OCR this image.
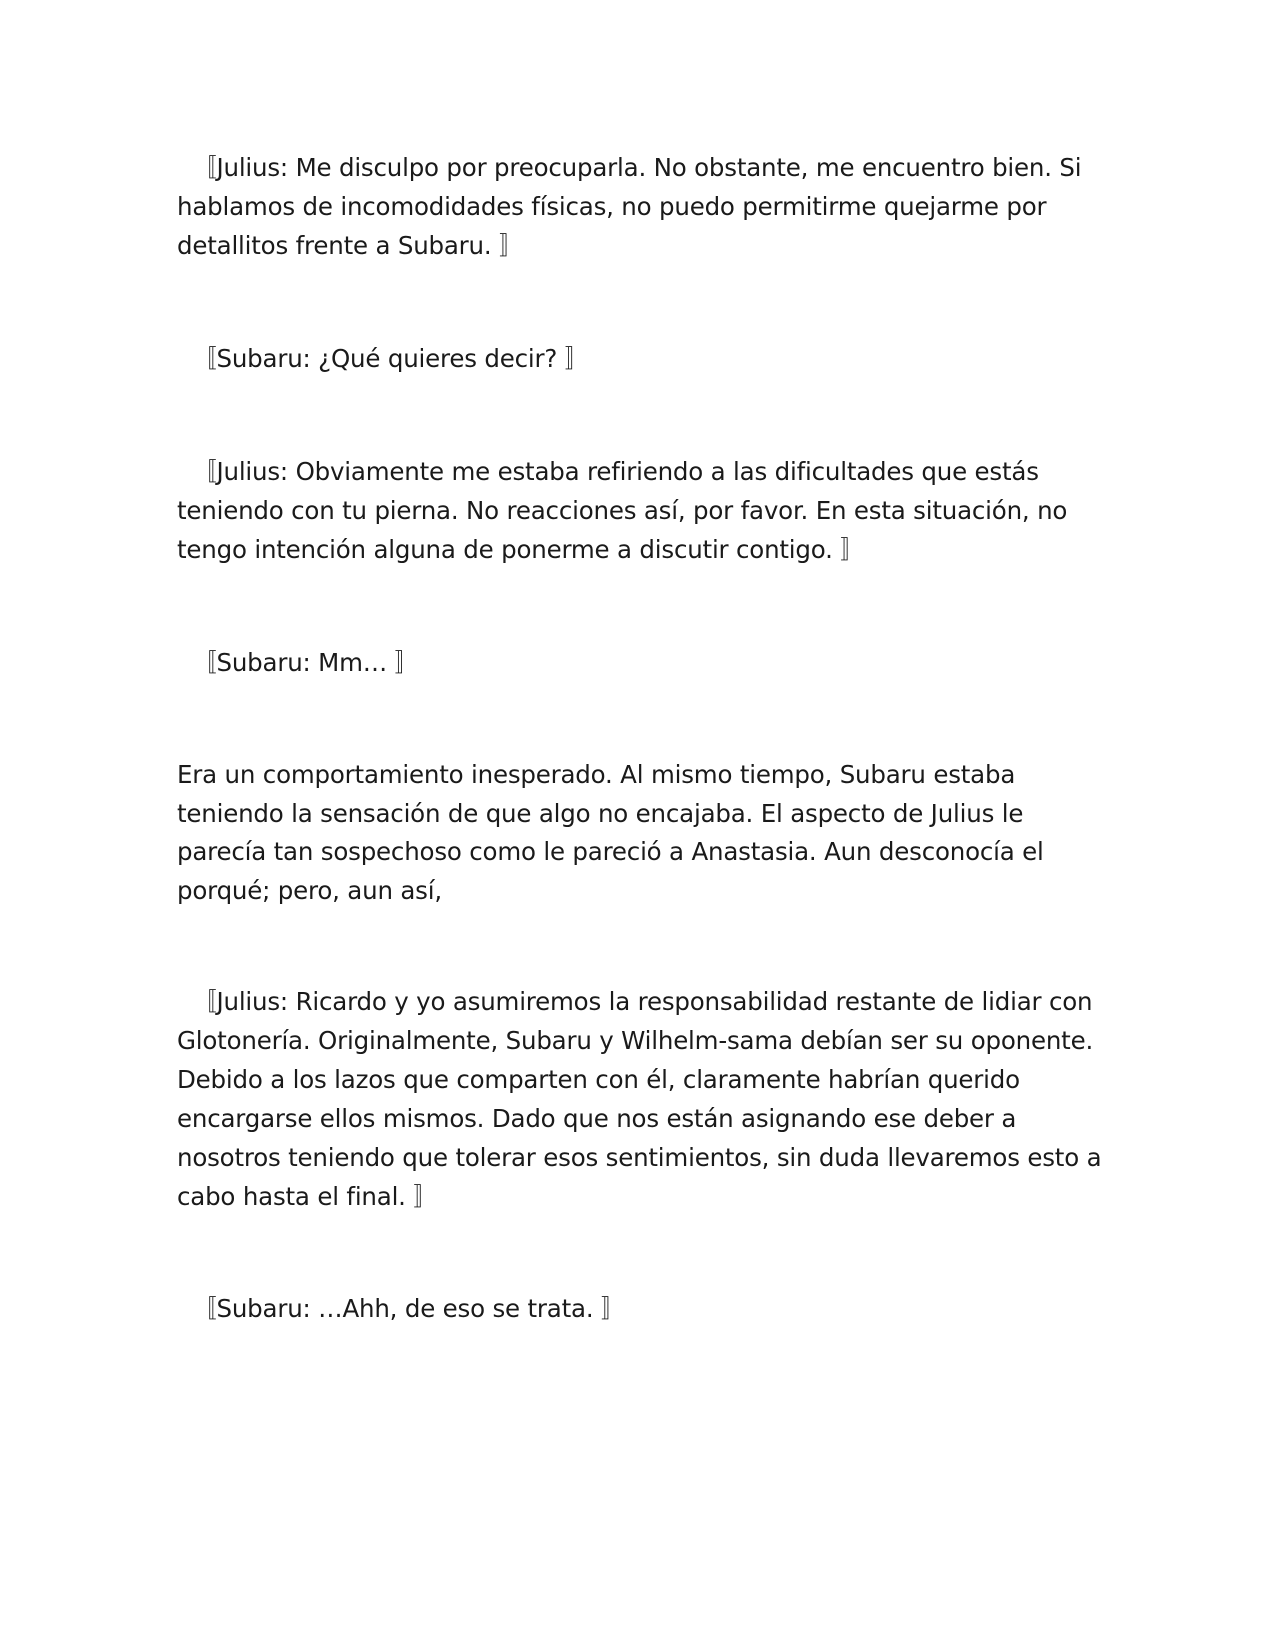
〚Julius: Me disculpo por preocuparla. No obstante, me encuentro bien. Si hablamos de incomodidades físicas, no puedo permitirme quejarme por detallitos frente a Subaru. 〛

〚Subaru: ¿Qué quieres decir? 〛

〚Julius: Obviamente me estaba refiriendo a las dificultades que estás teniendo con tu pierna. No reacciones así, por favor. En esta situación, no tengo intención alguna de ponerme a discutir contigo. 〛

〚Subaru: Mm… 〛

Era un comportamiento inesperado. Al mismo tiempo, Subaru estaba teniendo la sensación de que algo no encajaba. El aspecto de Julius le parecía tan sospechoso como le pareció a Anastasia. Aun desconocía el porqué; pero, aun así,

〚Julius: Ricardo y yo asumiremos la responsabilidad restante de lidiar con Glotonería. Originalmente, Subaru y Wilhelm-sama debían ser su oponente. Debido a los lazos que comparten con él, claramente habrían querido encargarse ellos mismos. Dado que nos están asignando ese deber a nosotros teniendo que tolerar esos sentimientos, sin duda llevaremos esto a cabo hasta el final. 〛

〚Subaru: …Ahh, de eso se trata. 〛
